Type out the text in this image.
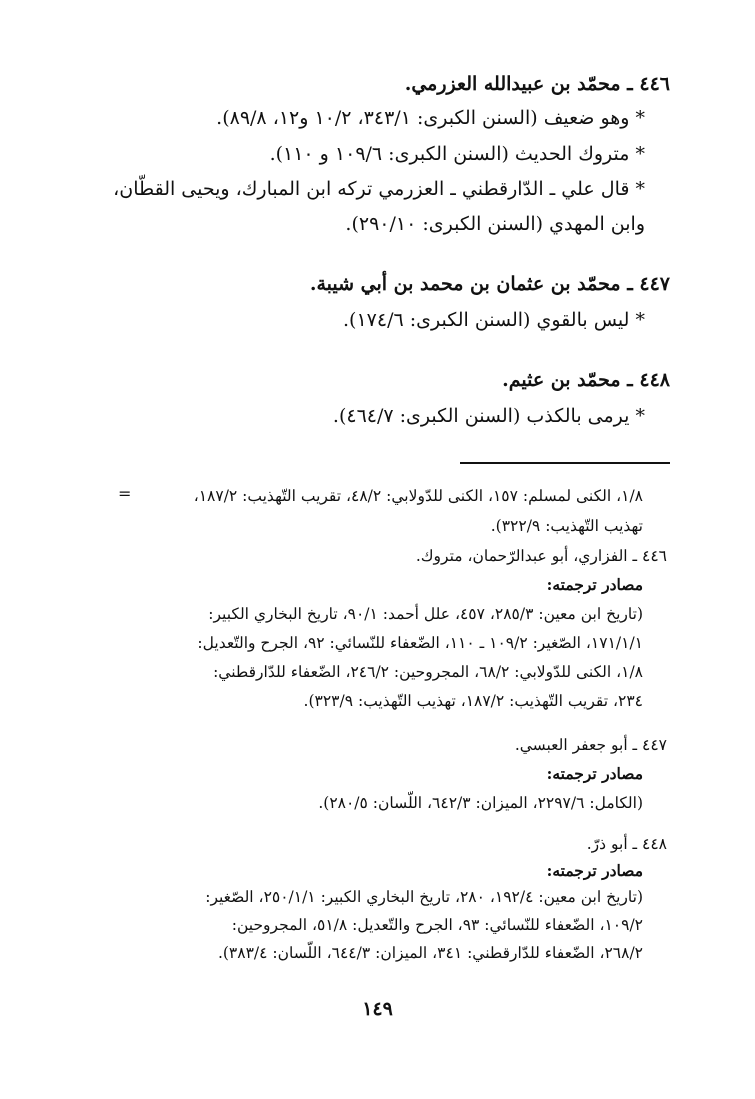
٤٤٦ ـ محمّد بن عبيدالله العزرمي.
* وهو ضعيف (السنن الكبرى: ٣٤٣/١، ١٠/٢ و١٢، ٨٩/٨).
* متروك الحديث (السنن الكبرى: ١٠٩/٦ و ١١٠).
* قال علي ـ الدّارقطني ـ العزرمي تركه ابن المبارك، ويحيى القطّان،
وابن المهدي (السنن الكبرى: ٢٩٠/١٠).
٤٤٧ ـ محمّد بن عثمان بن محمد بن أبي شيبة.
* ليس بالقوي (السنن الكبرى: ١٧٤/٦).
٤٤٨ ـ محمّد بن عثيم.
* يرمى بالكذب (السنن الكبرى: ٤٦٤/٧).
=	١/٨، الكنى لمسلم: ١٥٧، الكنى للدّولابي: ٤٨/٢، تقريب التّهذيب: ١٨٧/٢،
تهذيب التّهذيب: ٣٢٢/٩).
٤٤٦ ـ الفزاري، أبو عبدالرّحمان، متروك.
مصادر ترجمته:
(تاريخ ابن معين: ٢٨٥/٣، ٤٥٧، علل أحمد: ٩٠/١، تاريخ البخاري الكبير:
١٧١/١/١، الصّغير: ١٠٩/٢ ـ ١١٠، الضّعفاء للنّسائي: ٩٢، الجرح والتّعديل:
١/٨، الكنى للدّولابي: ٦٨/٢، المجروحين: ٢٤٦/٢، الضّعفاء للدّارقطني:
٢٣٤، تقريب التّهذيب: ١٨٧/٢، تهذيب التّهذيب: ٣٢٣/٩).
٤٤٧ ـ أبو جعفر العبسي.
مصادر ترجمته:
(الكامل: ٢٢٩٧/٦، الميزان: ٦٤٢/٣، اللّسان: ٢٨٠/٥).
٤٤٨ ـ أبو ذرّ.
مصادر ترجمته:
(تاريخ ابن معين: ١٩٢/٤، ٢٨٠، تاريخ البخاري الكبير: ٢٥٠/١/١، الصّغير:
١٠٩/٢، الضّعفاء للنّسائي: ٩٣، الجرح والتّعديل: ٥١/٨، المجروحين:
٢٦٨/٢، الضّعفاء للدّارقطني: ٣٤١، الميزان: ٦٤٤/٣، اللّسان: ٣٨٣/٤).
١٤٩
